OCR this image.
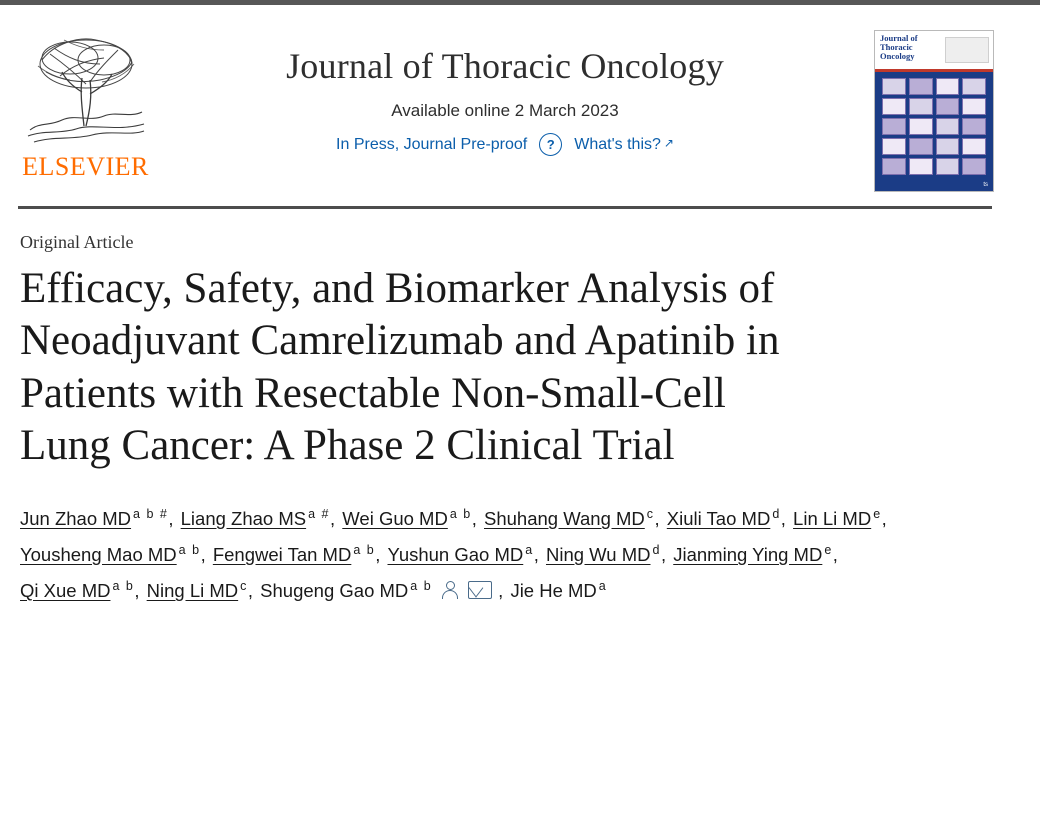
ELSEVIER
Journal of Thoracic Oncology
Available online 2 March 2023
In Press, Journal Pre-proof	?	What's this? ↗
Journal of
Thoracic
Oncology
ts
Original Article
Efficacy, Safety, and Biomarker Analysis of Neoadjuvant Camrelizumab and Apatinib in Patients with Resectable Non-Small-Cell Lung Cancer: A Phase 2 Clinical Trial
Jun Zhao MD $^{a b \#}$, Liang Zhao MS $^{a \#}$, Wei Guo MD $^{a b}$, Shuhang Wang MD $^c$, Xiuli Tao MD $^d$, Lin Li MD $^e$, Yousheng Mao MD $^{a b}$, Fengwei Tan MD $^{a b}$, Yushun Gao MD $^a$, Ning Wu MD $^d$, Jianming Ying MD $^e$, Qi Xue MD $^{a b}$, Ning Li MD $^c$, Shugeng Gao MD $^{a b}$	, Jie He MD $^a$
